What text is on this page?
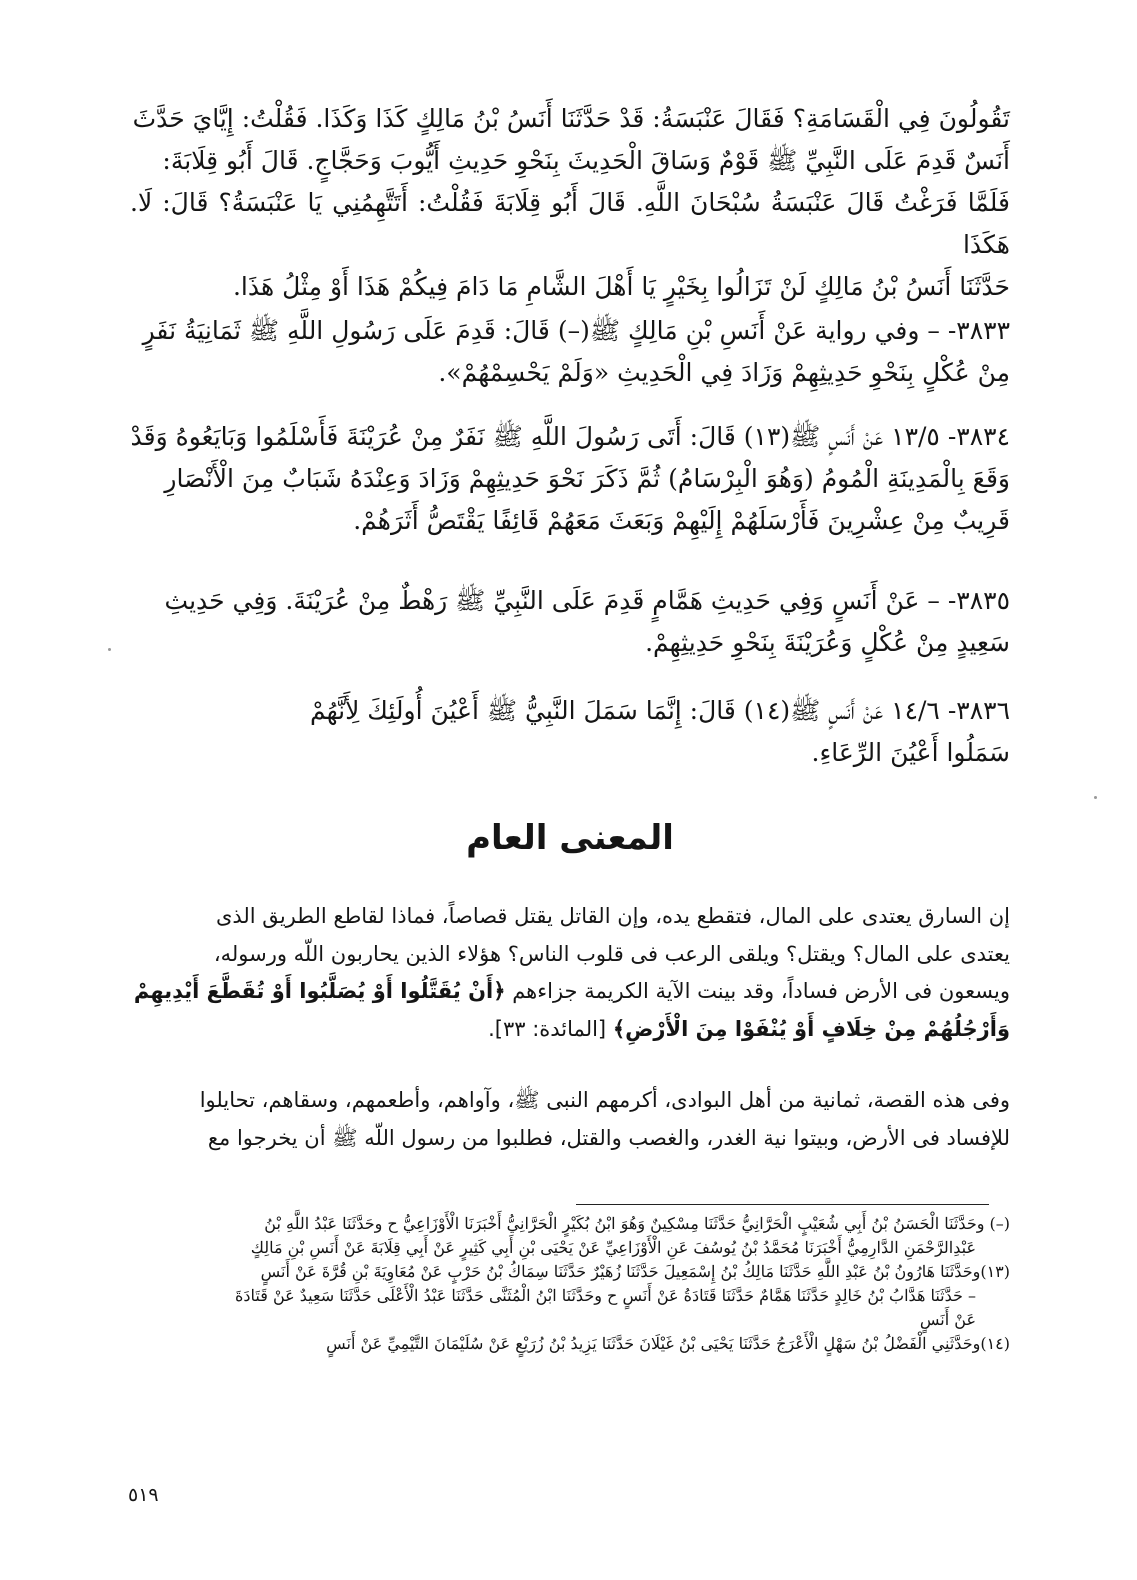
تَقُولُونَ فِي الْقَسَامَةِ؟ فَقَالَ عَنْبَسَةُ: قَدْ حَدَّثَنَا أَنَسُ بْنُ مَالِكٍ كَذَا وَكَذَا. فَقُلْتُ: إِيَّايَ حَدَّثَ

أَنَسٌ قَدِمَ عَلَى النَّبِيِّ ﷺ قَوْمٌ وَسَاقَ الْحَدِيثَ بِنَحْوِ حَدِيثِ أَيُّوبَ وَحَجَّاجٍ. قَالَ أَبُو قِلَابَةَ:

فَلَمَّا فَرَغْتُ قَالَ عَنْبَسَةُ سُبْحَانَ اللَّهِ. قَالَ أَبُو قِلَابَةَ فَقُلْتُ: أَتَتَّهِمُنِي يَا عَنْبَسَةُ؟ قَالَ: لَا. هَكَذَا

حَدَّثَنَا أَنَسُ بْنُ مَالِكٍ لَنْ تَزَالُوا بِخَيْرٍ يَا أَهْلَ الشَّامِ مَا دَامَ فِيكُمْ هَذَا أَوْ مِثْلُ هَذَا.

٣٨٣٣- – وفي رواية عَنْ أَنَسِ بْنِ مَالِكٍ ﷺ(–) قَالَ: قَدِمَ عَلَى رَسُولِ اللَّهِ ﷺ ثَمَانِيَةُ نَفَرٍ

مِنْ عُكْلٍ بِنَحْوِ حَدِيثِهِمْ وَزَادَ فِي الْحَدِيثِ «وَلَمْ يَحْسِمْهُمْ».

٣٨٣٤- ١٣/٥ عَنْ أَنَسٍ ﷺ(١٣) قَالَ: أَتَى رَسُولَ اللَّهِ ﷺ نَفَرٌ مِنْ عُرَيْنَةَ فَأَسْلَمُوا وَبَايَعُوهُ وَقَدْ

وَقَعَ بِالْمَدِينَةِ الْمُومُ (وَهُوَ الْبِرْسَامُ) ثُمَّ ذَكَرَ نَحْوَ حَدِيثِهِمْ وَزَادَ وَعِنْدَهُ شَبَابٌ مِنَ الْأَنْصَارِ

قَرِيبٌ مِنْ عِشْرِينَ فَأَرْسَلَهُمْ إِلَيْهِمْ وَبَعَثَ مَعَهُمْ قَائِفًا يَقْتَصُّ أَثَرَهُمْ.

٣٨٣٥- – عَنْ أَنَسٍ وَفِي حَدِيثِ هَمَّامٍ قَدِمَ عَلَى النَّبِيِّ ﷺ رَهْطٌ مِنْ عُرَيْنَةَ. وَفِي حَدِيثِ

سَعِيدٍ مِنْ عُكْلٍ وَعُرَيْنَةَ بِنَحْوِ حَدِيثِهِمْ.

٣٨٣٦- ١٤/٦ عَنْ أَنَسٍ ﷺ(١٤) قَالَ: إِنَّمَا سَمَلَ النَّبِيُّ ﷺ أَعْيُنَ أُولَئِكَ لِأَنَّهُمْ

سَمَلُوا أَعْيُنَ الرِّعَاءِ.

المعنى العام

إن السارق يعتدى على المال، فتقطع يده، وإن القاتل يقتل قصاصاً، فماذا لقاطع الطريق الذى

يعتدى على المال؟ ويقتل؟ ويلقى الرعب فى قلوب الناس؟ هؤلاء الذين يحاربون اللّه ورسوله،

ويسعون فى الأرض فساداً، وقد بينت الآية الكريمة جزاءهم ﴿أَنْ يُقَتَّلُوا أَوْ يُصَلَّبُوا أَوْ تُقَطَّعَ أَيْدِيهِمْ

وَأَرْجُلُهُمْ مِنْ خِلَافٍ أَوْ يُنْفَوْا مِنَ الْأَرْضِ﴾ [المائدة: ٣٣].

وفى هذه القصة، ثمانية من أهل البوادى، أكرمهم النبى ﷺ، وآواهم، وأطعمهم، وسقاهم، تحايلوا

للإفساد فى الأرض، وبيتوا نية الغدر، والغصب والقتل، فطلبوا من رسول اللّه ﷺ أن يخرجوا مع

(–) وحَدَّثَنَا الْحَسَنُ بْنُ أَبِي شُعَيْبٍ الْحَرَّانِيُّ حَدَّثَنَا مِسْكِينٌ وَهُوَ ابْنُ بُكَيْرٍ الْحَرَّانِيُّ أَخْبَرَنَا الْأَوْزَاعِيُّ ح وحَدَّثَنَا عَبْدُ اللَّهِ بْنُ

عَبْدِالرَّحْمَنِ الدَّارِمِيُّ أَخْبَرَنَا مُحَمَّدُ بْنُ يُوسُفَ عَنِ الْأَوْزَاعِيِّ عَنْ يَحْيَى بْنِ أَبِي كَثِيرٍ عَنْ أَبِي قِلَابَةَ عَنْ أَنَسِ بْنِ مَالِكٍ

(١٣)وحَدَّثَنَا هَارُونُ بْنُ عَبْدِ اللَّهِ حَدَّثَنَا مَالِكُ بْنُ إِسْمَعِيلَ حَدَّثَنَا زُهَيْرٌ حَدَّثَنَا سِمَاكُ بْنُ حَرْبٍ عَنْ مُعَاوِيَةَ بْنِ قُرَّةَ عَنْ أَنَسٍ

– حَدَّثَنَا هَدَّابُ بْنُ خَالِدٍ حَدَّثَنَا هَمَّامٌ حَدَّثَنَا قَتَادَةُ عَنْ أَنَسٍ ح وحَدَّثَنَا ابْنُ الْمُثَنَّى حَدَّثَنَا عَبْدُ الْأَعْلَى حَدَّثَنَا سَعِيدٌ عَنْ قَتَادَةَ

عَنْ أَنَسٍ

(١٤)وحَدَّثَنِي الْفَضْلُ بْنُ سَهْلٍ الْأَعْرَجُ حَدَّثَنَا يَحْيَى بْنُ غَيْلَانَ حَدَّثَنَا يَزِيدُ بْنُ زُرَيْعٍ عَنْ سُلَيْمَانَ التَّيْمِيِّ عَنْ أَنَسٍ

٥١٩
